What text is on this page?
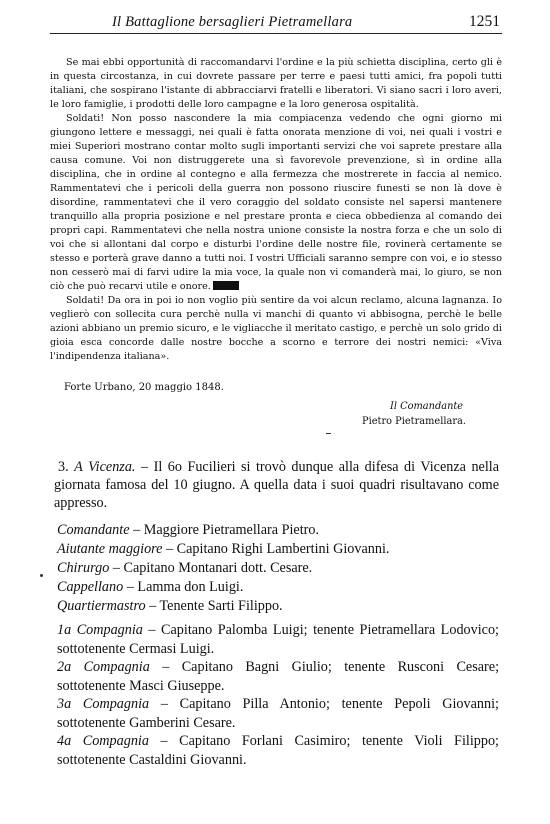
Il Battaglione bersaglieri Pietramellara	1251

Se mai ebbi opportunità di raccomandarvi l'ordine e la più schietta disciplina, certo gli è in questa circostanza, in cui dovrete passare per terre e paesi tutti amici, fra popoli tutti italiani, che sospirano l'istante di abbracciarvi fratelli e liberatori. Vi siano sacri i loro averi, le loro famiglie, i prodotti delle loro campagne e la loro generosa ospitalità.

Soldati! Non posso nascondere la mia compiacenza vedendo che ogni giorno mi giungono lettere e messaggi, nei quali è fatta onorata menzione di voi, nei quali i vostri e miei Superiori mostrano contar molto sugli importanti servizi che voi saprete prestare alla causa comune. Voi non distruggerete una sì favorevole prevenzione, sì in ordine alla disciplina, che in ordine al contegno e alla fermezza che mostrerete in faccia al nemico. Rammentatevi che i pericoli della guerra non possono riuscire funesti se non là dove è disordine, rammentatevi che il vero coraggio del soldato consiste nel sapersi mantenere tranquillo alla propria posizione e nel prestare pronta e cieca obbedienza al comando dei propri capi. Rammentatevi che nella nostra unione consiste la nostra forza e che un solo di voi che si allontani dal corpo e disturbi l'ordine delle nostre file, rovinerà certamente se stesso e porterà grave danno a tutti noi. I vostri Ufficiali saranno sempre con voi, e io stesso non cesserò mai di farvi udire la mia voce, la quale non vi comanderà mai, lo giuro, se non ciò che può recarvi utile e onore.

Soldati! Da ora in poi io non voglio più sentire da voi alcun reclamo, alcuna lagnanza. Io veglierò con sollecita cura perchè nulla vi manchi di quanto vi abbisogna, perchè le belle azioni abbiano un premio sicuro, e le vigliacche il meritato castigo, e perchè un solo grido di gioia esca concorde dalle nostre bocche a scorno e terrore dei nostri nemici: «Viva l'indipendenza italiana».

Forte Urbano, 20 maggio 1848.
Il Comandante
Pietro Pietramellara.

3. A Vicenza. – Il 6o Fucilieri si trovò dunque alla difesa di Vicenza nella giornata famosa del 10 giugno. A quella data i suoi quadri risultavano come appresso.

Comandante – Maggiore Pietramellara Pietro.
Aiutante maggiore – Capitano Righi Lambertini Giovanni.
Chirurgo – Capitano Montanari dott. Cesare.
Cappellano – Lamma don Luigi.
Quartiermastro – Tenente Sarti Filippo.

1a Compagnia – Capitano Palomba Luigi; tenente Pietramellara Lodovico; sottotenente Cermasi Luigi.

2a Compagnia – Capitano Bagni Giulio; tenente Rusconi Cesare; sottotenente Masci Giuseppe.

3a Compagnia – Capitano Pilla Antonio; tenente Pepoli Giovanni; sottotenente Gamberini Cesare.

4a Compagnia – Capitano Forlani Casimiro; tenente Violi Filippo; sottotenente Castaldini Giovanni.
